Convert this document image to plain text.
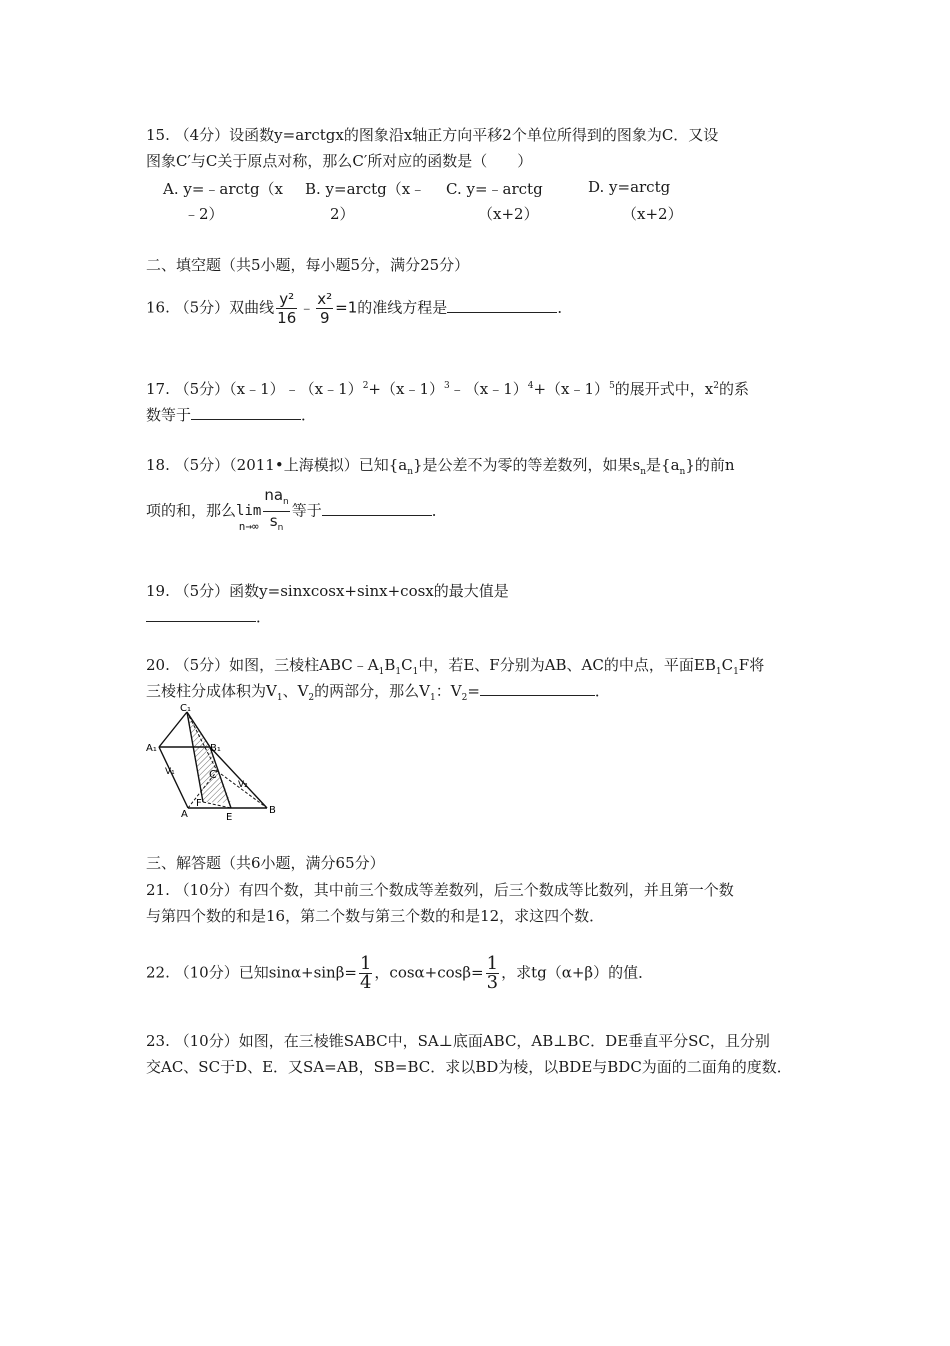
15. （4分）设函数y=arctgx的图象沿x轴正方向平移2个单位所得到的图象为C．又设
图象C′与C关于原点对称，那么C′所对应的函数是（　　）
A. y=﹣arctg（x
﹣2）
B. y=arctg（x﹣
2）
C. y=﹣arctg
（x+2）
D. y=arctg
（x+2）
二、填空题（共5小题，每小题5分，满分25分）
16. （5分）双曲线 $\frac{\text{y²}}{16}$ ﹣ $\frac{\text{x²}}{9} =1$的准线方程是	．
17. （5分）（x﹣1）﹣（x﹣1）$^2$+（x﹣1）$^3$﹣（x﹣1）$^4$+（x﹣1）$^5$的展开式中，$x^2$的系
数等于	．
18. （5分）（2011•上海模拟）已知$\{a_n\}$是公差不为零的等差数列，如果$s_n$是$\{a_n\}$的前n
项的和，那么lim
$n\to\infty \frac{na_n}{s_n}$ 等于	．
19. （5分）函数y=sinxcosx+sinx+cosx的最大值是
．
20. （5分）如图，三棱柱$ABC﹣A_1B_1C_1$中，若E、F分别为AB、AC的中点，平面$EB_1C_1F$将
三棱柱分成体积为$V_1$、$V_2$的两部分，那么$V_1$：$V_2=$	．
C₁
A₁	B₁
V₁
V₂
C
F
A	E
B
三、解答题（共6小题，满分65分）
21. （10分）有四个数，其中前三个数成等差数列，后三个数成等比数列，并且第一个数
与第四个数的和是16，第二个数与第三个数的和是12，求这四个数．
22. （10分）已知$\sin\alpha+\sin\beta= \frac{1}{4}$ ，$\cos\alpha+\cos\beta= \frac{1}{3}$ ，求tg（α+β）的值．
23. （10分）如图，在三棱锥SABC中，SA⊥底面ABC，AB⊥BC．DE垂直平分SC，且分别
交AC、SC于D、E．又SA=AB，SB=BC．求以BD为棱，以BDE与BDC为面的二面角的度数．
